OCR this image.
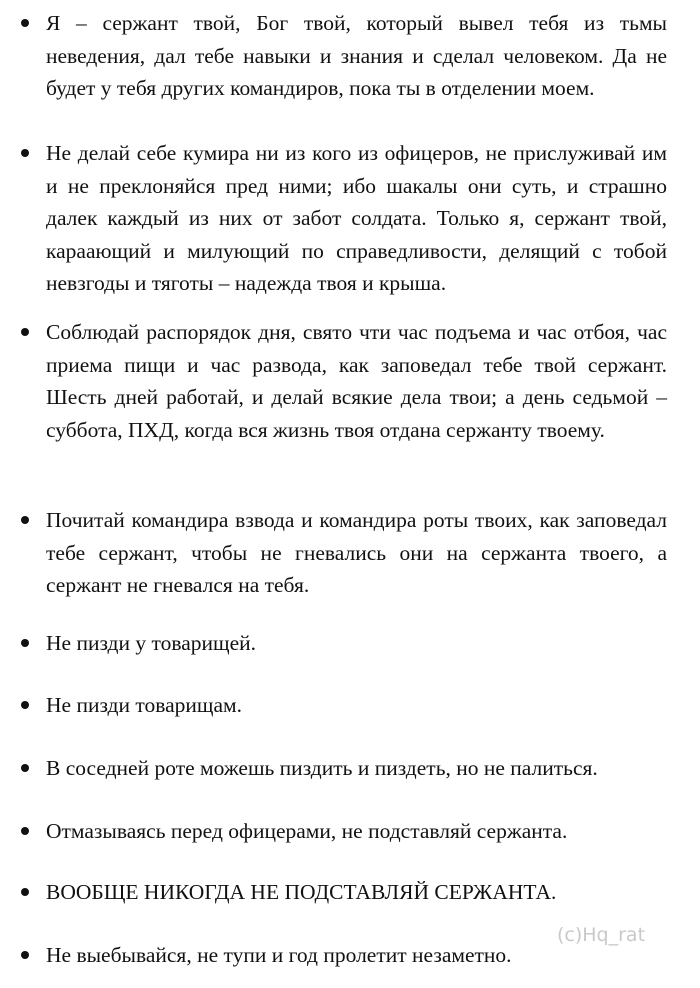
Я – сержант твой, Бог твой, который вывел тебя из тьмы неведения, дал тебе навыки и знания и сделал человеком. Да не будет у тебя других командиров, пока ты в отделении моем.
Не делай себе кумира ни из кого из офицеров, не прислуживай им и не преклоняйся пред ними; ибо шакалы они суть, и страшно далек каждый из них от забот солдата. Только я, сержант твой, караающий и милующий по справедливости, делящий с тобой невзгоды и тяготы – надежда твоя и крыша.
Соблюдай распорядок дня, свято чти час подъема и час отбоя, час приема пищи и час развода, как заповедал тебе твой сержант. Шесть дней работай, и делай всякие дела твои; а день седьмой – суббота, ПХД, когда вся жизнь твоя отдана сержанту твоему.
Почитай командира взвода и командира роты твоих, как заповедал тебе сержант, чтобы не гневались они на сержанта твоего, а сержант не гневался на тебя.
Не пизди у товарищей.
Не пизди товарищам.
В соседней роте можешь пиздить и пиздеть, но не палиться.
Отмазываясь перед офицерами, не подставляй сержанта.
ВООБЩЕ НИКОГДА НЕ ПОДСТАВЛЯЙ СЕРЖАНТА.
Не выебывайся, не тупи и год пролетит незаметно.
(c)Hq_rat
